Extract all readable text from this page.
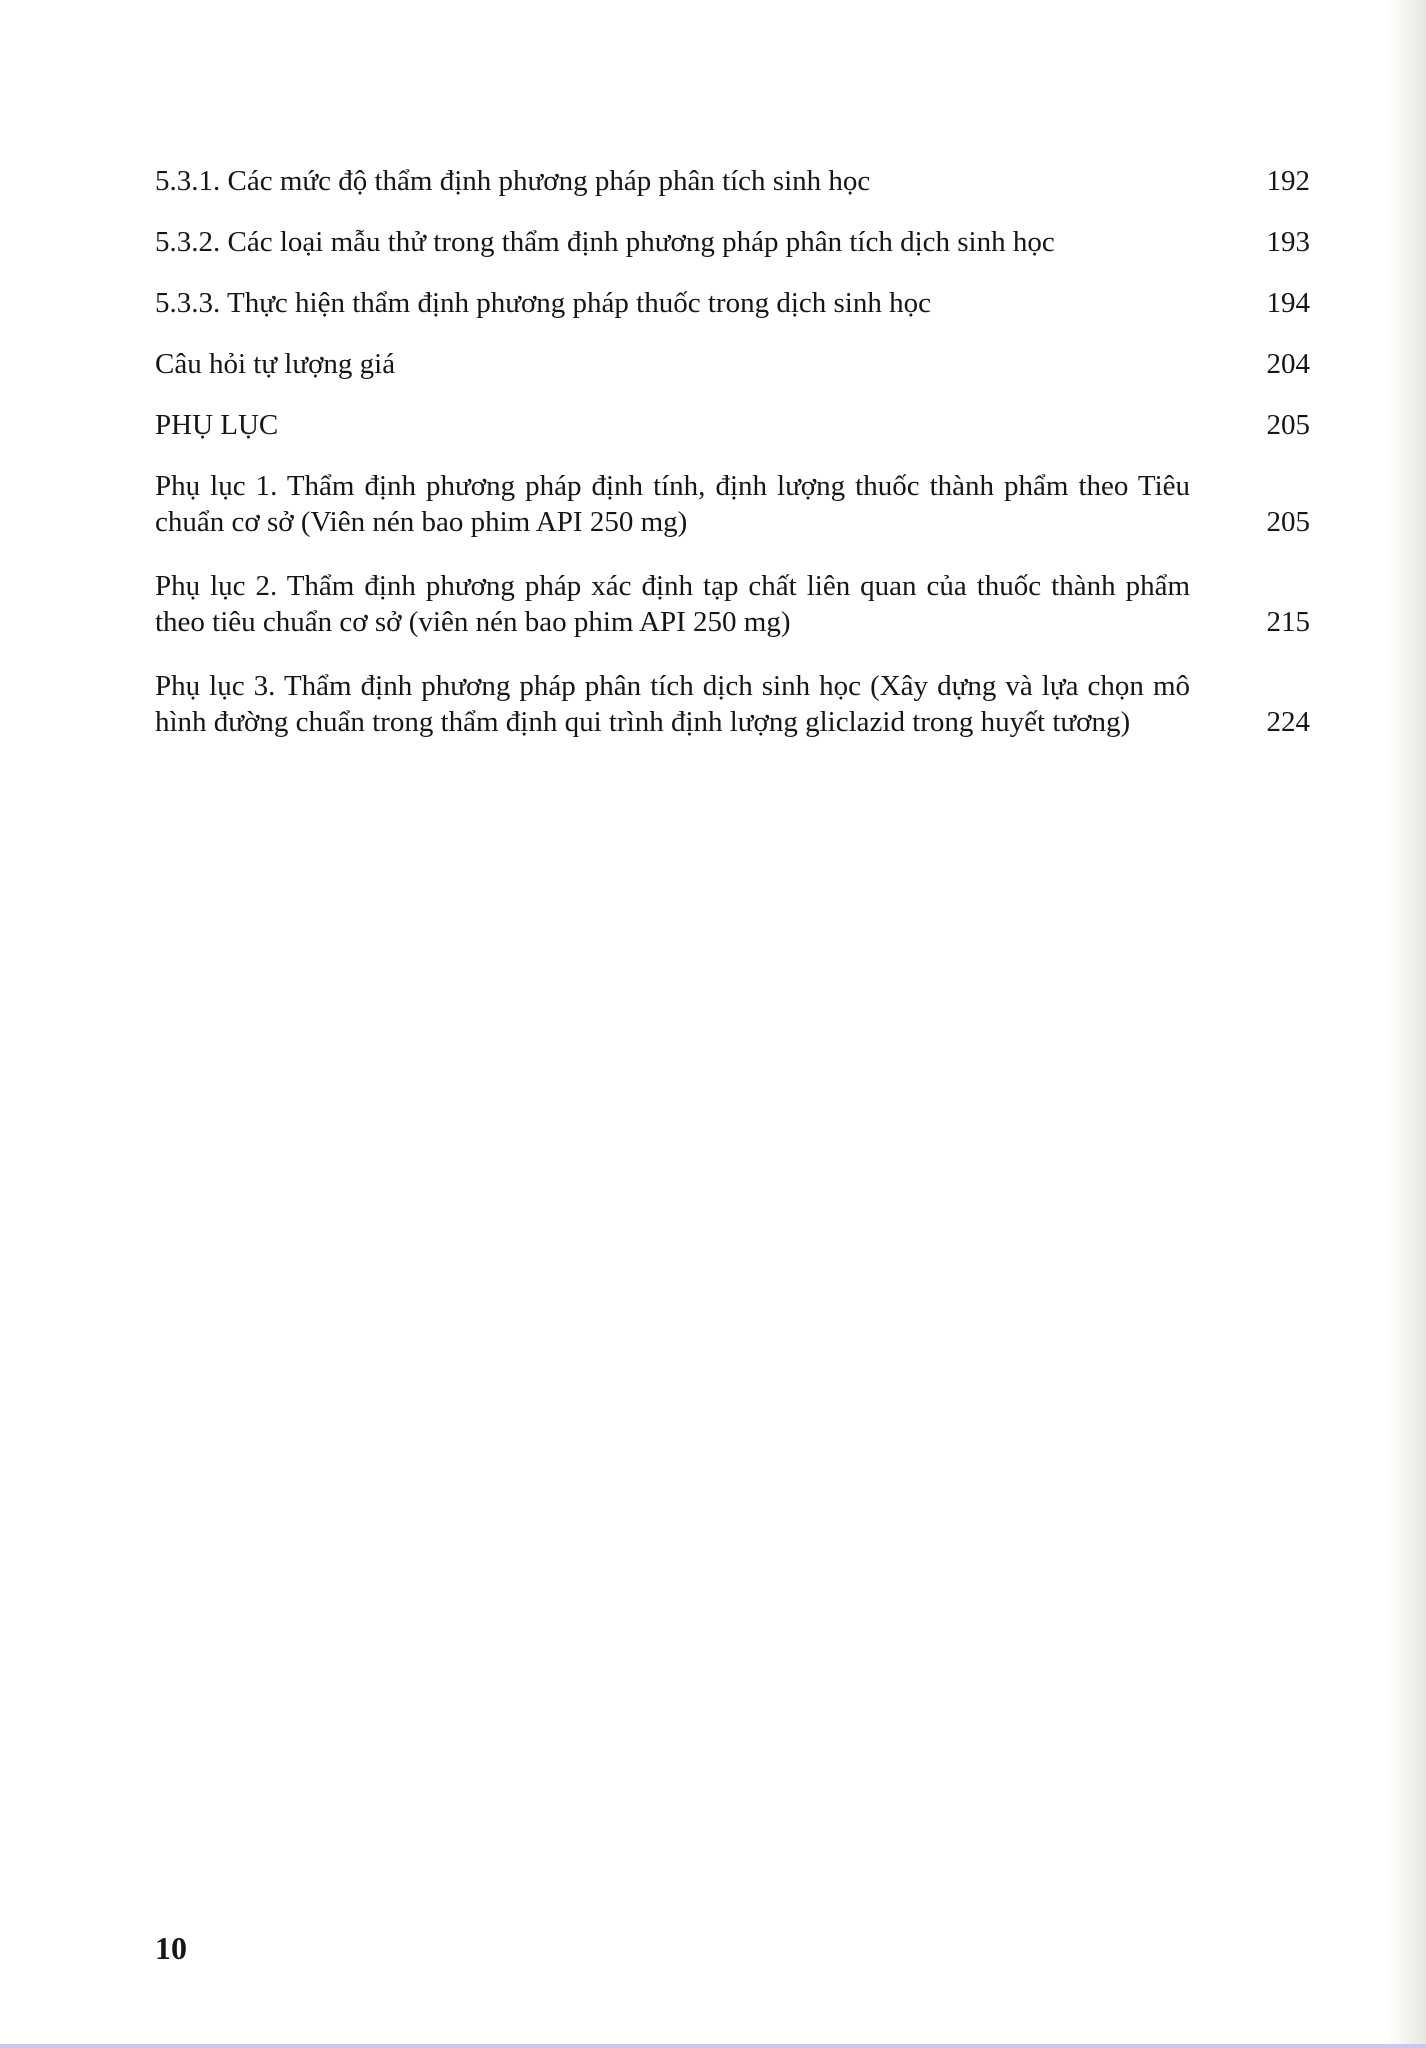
5.3.1. Các mức độ thẩm định phương pháp phân tích sinh học	192
5.3.2. Các loại mẫu thử trong thẩm định phương pháp phân tích dịch sinh học	193
5.3.3. Thực hiện thẩm định phương pháp thuốc trong dịch sinh học	194
Câu hỏi tự lượng giá	204
PHỤ LỤC	205
Phụ lục 1. Thẩm định phương pháp định tính, định lượng thuốc thành phẩm theo Tiêu chuẩn cơ sở (Viên nén bao phim API 250 mg)	205
Phụ lục 2. Thẩm định phương pháp xác định tạp chất liên quan của thuốc thành phẩm theo tiêu chuẩn cơ sở (viên nén bao phim API 250 mg)	215
Phụ lục 3. Thẩm định phương pháp phân tích dịch sinh học (Xây dựng và lựa chọn mô hình đường chuẩn trong thẩm định qui trình định lượng gliclazid trong huyết tương)	224
10
